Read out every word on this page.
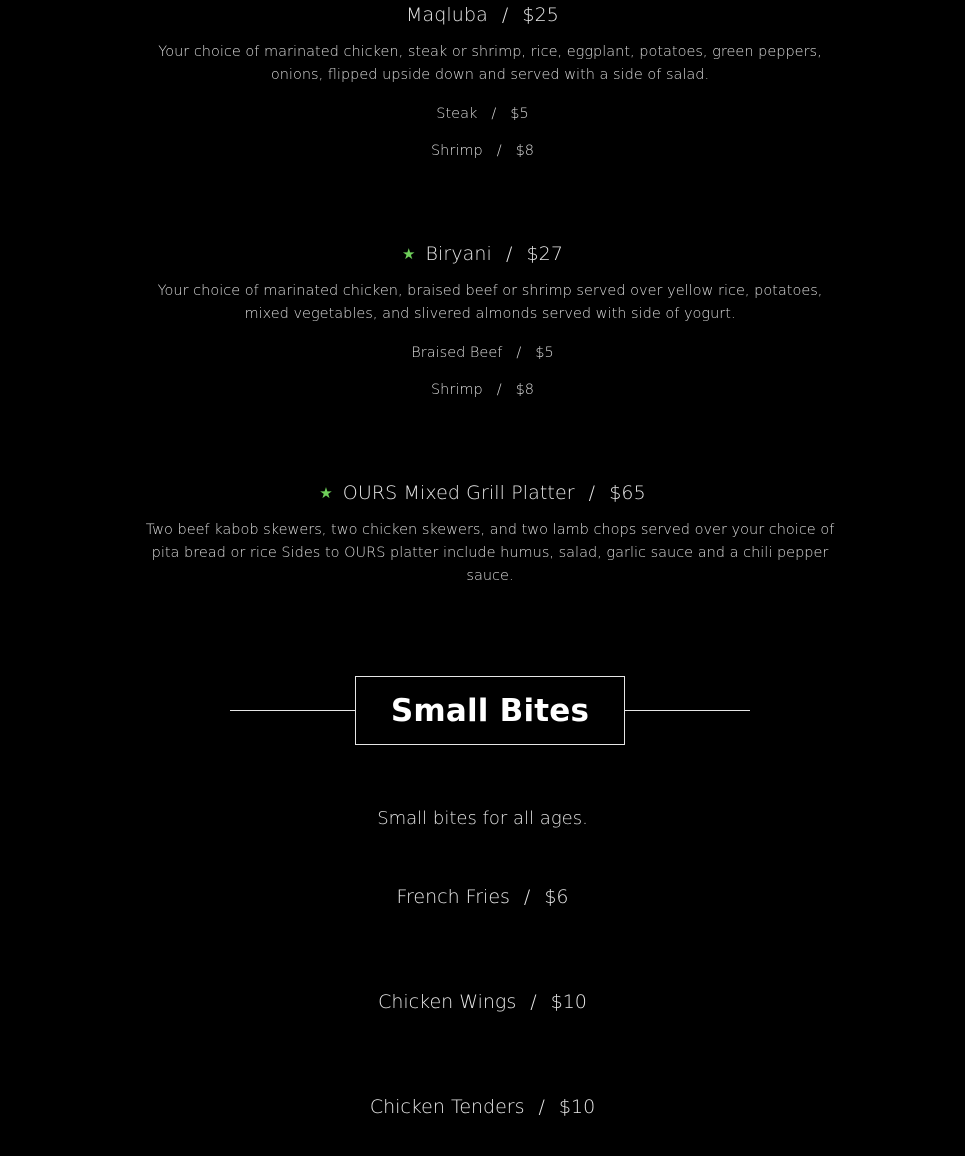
Maqluba / $25
Your choice of marinated chicken, steak or shrimp, rice, eggplant, potatoes, green peppers, onions, flipped upside down and served with a side of salad.
Steak / $5
Shrimp / $8
★ Biryani / $27
Your choice of marinated chicken, braised beef or shrimp served over yellow rice, potatoes, mixed vegetables, and slivered almonds served with side of yogurt.
Braised Beef / $5
Shrimp / $8
★ OURS Mixed Grill Platter / $65
Two beef kabob skewers, two chicken skewers, and two lamb chops served over your choice of pita bread or rice Sides to OURS platter include humus, salad, garlic sauce and a chili pepper sauce.
Small Bites
Small bites for all ages.
French Fries / $6
Chicken Wings / $10
Chicken Tenders / $10
